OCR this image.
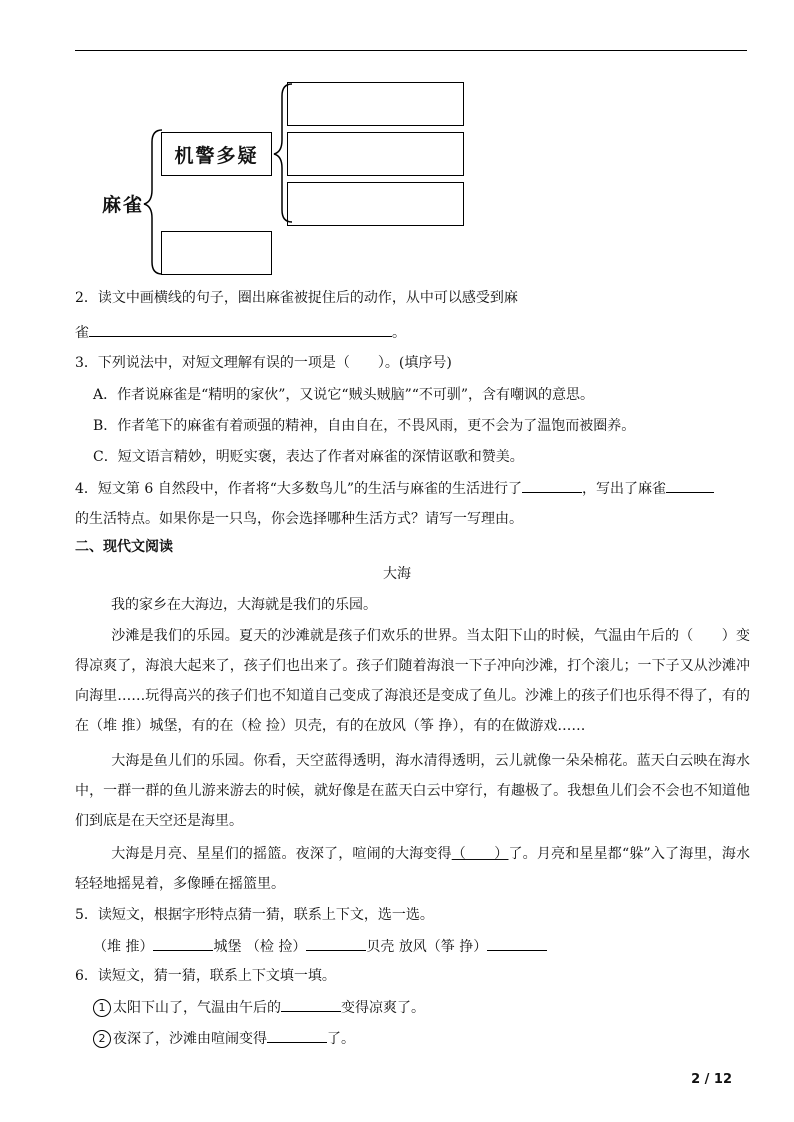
麻雀
机警多疑
2．读文中画横线的句子，圈出麻雀被捉住后的动作，从中可以感受到麻
雀	。
3．下列说法中，对短文理解有误的一项是（　　）。(填序号)
A．作者说麻雀是“精明的家伙”，又说它“贼头贼脑”“不可驯”，含有嘲讽的意思。
B．作者笔下的麻雀有着顽强的精神，自由自在，不畏风雨，更不会为了温饱而被圈养。
C．短文语言精妙，明贬实褒，表达了作者对麻雀的深情讴歌和赞美。
4．短文第 6 自然段中，作者将“大多数鸟儿”的生活与麻雀的生活进行了	，写出了麻雀
的生活特点。如果你是一只鸟，你会选择哪种生活方式？请写一写理由。
二、现代文阅读
大海
我的家乡在大海边，大海就是我们的乐园。
沙滩是我们的乐园。夏天的沙滩就是孩子们欢乐的世界。当太阳下山的时候，气温由午后的（　　）变得凉爽了，海浪大起来了，孩子们也出来了。孩子们随着海浪一下子冲向沙滩，打个滚儿；一下子又从沙滩冲向海里……玩得高兴的孩子们也不知道自己变成了海浪还是变成了鱼儿。沙滩上的孩子们也乐得不得了，有的在（堆 推）城堡，有的在（检 捡）贝壳，有的在放风（筝 挣），有的在做游戏……
大海是鱼儿们的乐园。你看，天空蓝得透明，海水清得透明，云儿就像一朵朵棉花。蓝天白云映在海水中，一群一群的鱼儿游来游去的时候，就好像是在蓝天白云中穿行，有趣极了。我想鱼儿们会不会也不知道他们到底是在天空还是海里。
大海是月亮、星星们的摇篮。夜深了，喧闹的大海变得（　　）了。月亮和星星都“躲”入了海里，海水轻轻地摇晃着，多像睡在摇篮里。
5．读短文，根据字形特点猜一猜，联系上下文，选一选。
（堆 推）	城堡 （检 捡）	贝壳 放风（筝 挣）
6．读短文，猜一猜，联系上下文填一填。
1 太阳下山了，气温由午后的	变得凉爽了。
2 夜深了，沙滩由喧闹变得	了。
2 / 12
